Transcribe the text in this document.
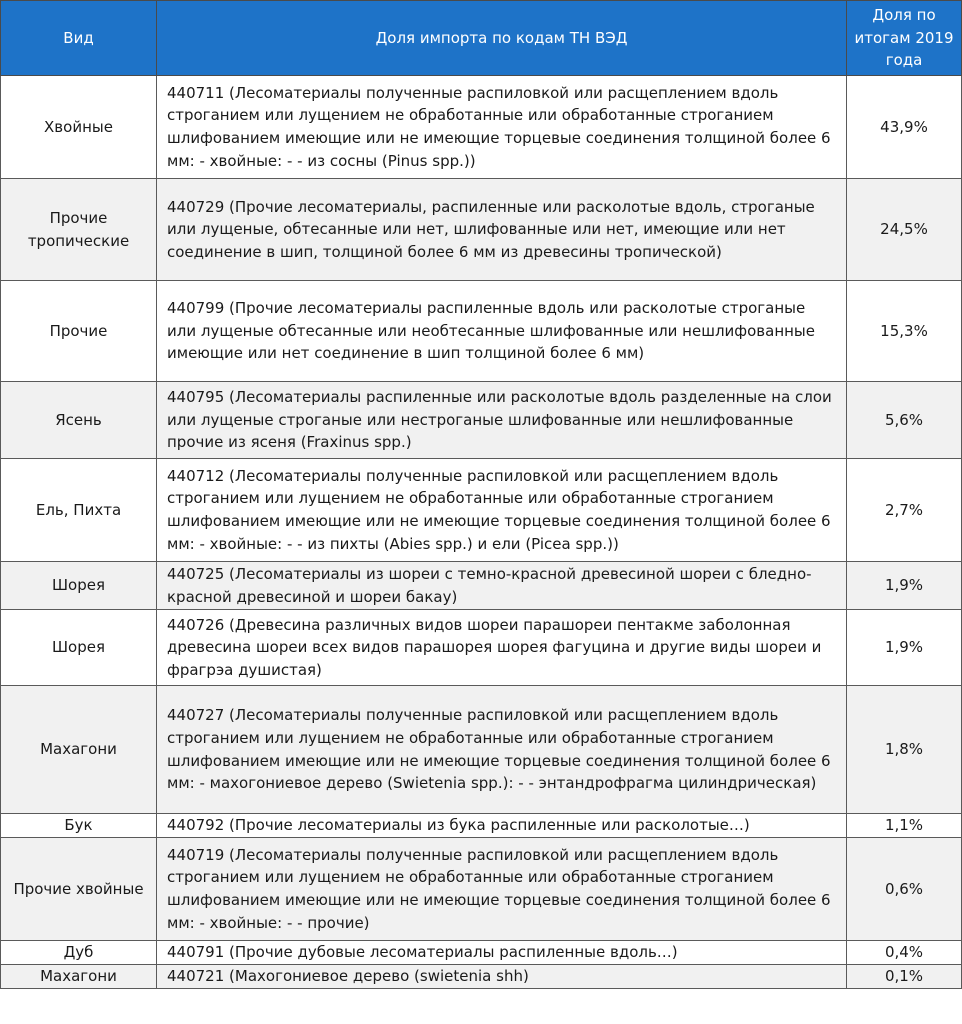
Вид	Доля импорта по кодам ТН ВЭД	Доля по итогам 2019 года
Хвойные	440711 (Лесоматериалы полученные распиловкой или расщеплением вдоль строганием или лущением не обработанные или обработанные строганием шлифованием имеющие или не имеющие торцевые соединения толщиной более 6 мм: - хвойные: - - из сосны (Pinus spp.))	43,9%
Прочие тропические	440729 (Прочие лесоматериалы, распиленные или расколотые вдоль, строганые или лущеные, обтесанные или нет, шлифованные или нет, имеющие или нет соединение в шип, толщиной более 6 мм из древесины тропической)	24,5%
Прочие	440799 (Прочие лесоматериалы распиленные вдоль или расколотые строганые или лущеные обтесанные или необтесанные шлифованные или нешлифованные имеющие или нет соединение в шип толщиной более 6 мм)	15,3%
Ясень	440795 (Лесоматериалы распиленные или расколотые вдоль разделенные на слои или лущеные строганые или нестроганые шлифованные или нешлифованные прочие из ясеня (Fraxinus spp.)	5,6%
Ель, Пихта	440712 (Лесоматериалы полученные распиловкой или расщеплением вдоль строганием или лущением не обработанные или обработанные строганием шлифованием имеющие или не имеющие торцевые соединения толщиной более 6 мм: - хвойные: - - из пихты (Abies spp.) и ели (Picea spp.))	2,7%
Шорея	440725 (Лесоматериалы из шореи с темно-красной древесиной шореи с бледно-красной древесиной и шореи бакау)	1,9%
Шорея	440726 (Древесина различных видов шореи парашореи пентакме заболонная древесина шореи всех видов парашорея шорея фагуцина и другие виды шореи и фрагрэа душистая)	1,9%
Махагони	440727 (Лесоматериалы полученные распиловкой или расщеплением вдоль строганием или лущением не обработанные или обработанные строганием шлифованием имеющие или не имеющие торцевые соединения толщиной более 6 мм: - махогониевое дерево (Swietenia spp.): - - энтандрофрагма цилиндрическая)	1,8%
Бук	440792 (Прочие лесоматериалы из бука распиленные или расколотые…)	1,1%
Прочие хвойные	440719 (Лесоматериалы полученные распиловкой или расщеплением вдоль строганием или лущением не обработанные или обработанные строганием шлифованием имеющие или не имеющие торцевые соединения толщиной более 6 мм: - хвойные: - - прочие)	0,6%
Дуб	440791 (Прочие дубовые лесоматериалы распиленные вдоль…)	0,4%
Махагони	440721 (Махогониевое дерево (swietenia shh)	0,1%
